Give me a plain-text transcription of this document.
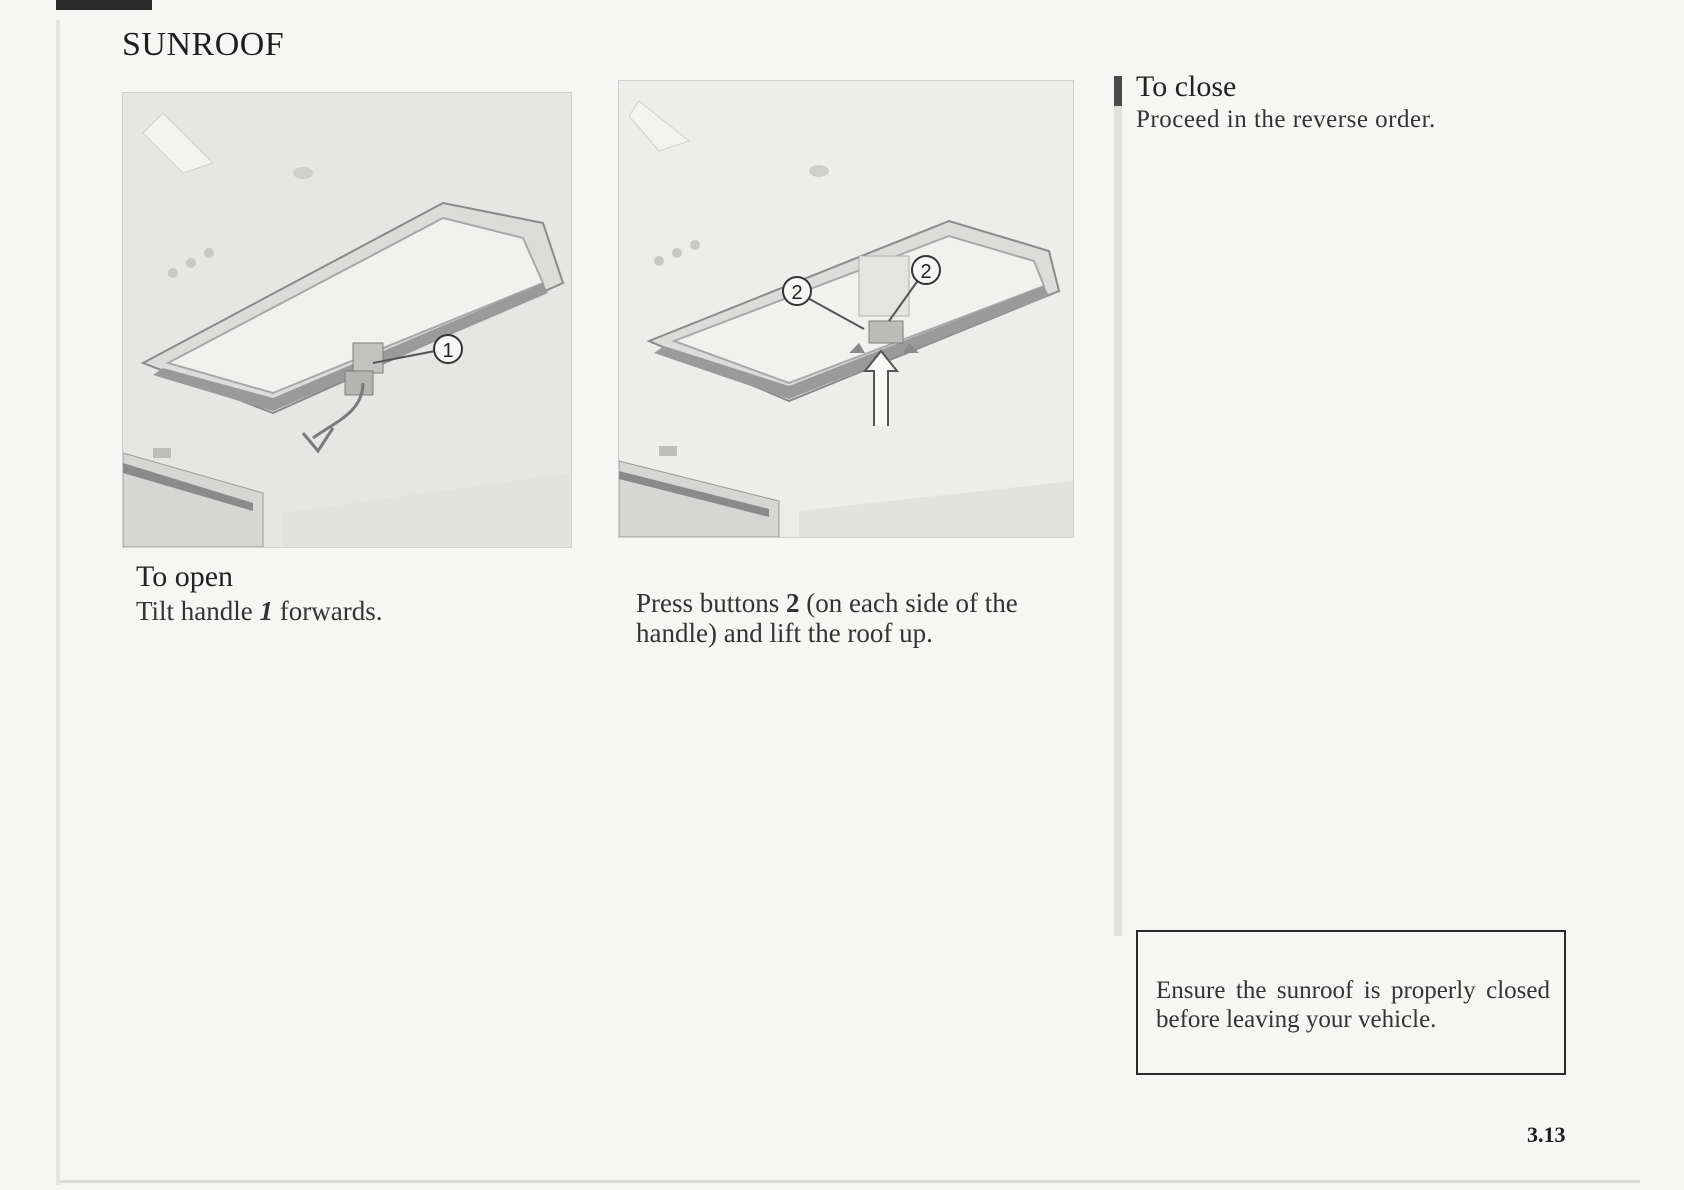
SUNROOF
1
2
2
To open
Tilt handle 1 forwards.	Press buttons 2 (on each side of the handle) and lift the roof up.
To close
Proceed in the reverse order.
Ensure the sunroof is properly closed before leaving your vehicle.
3.13
